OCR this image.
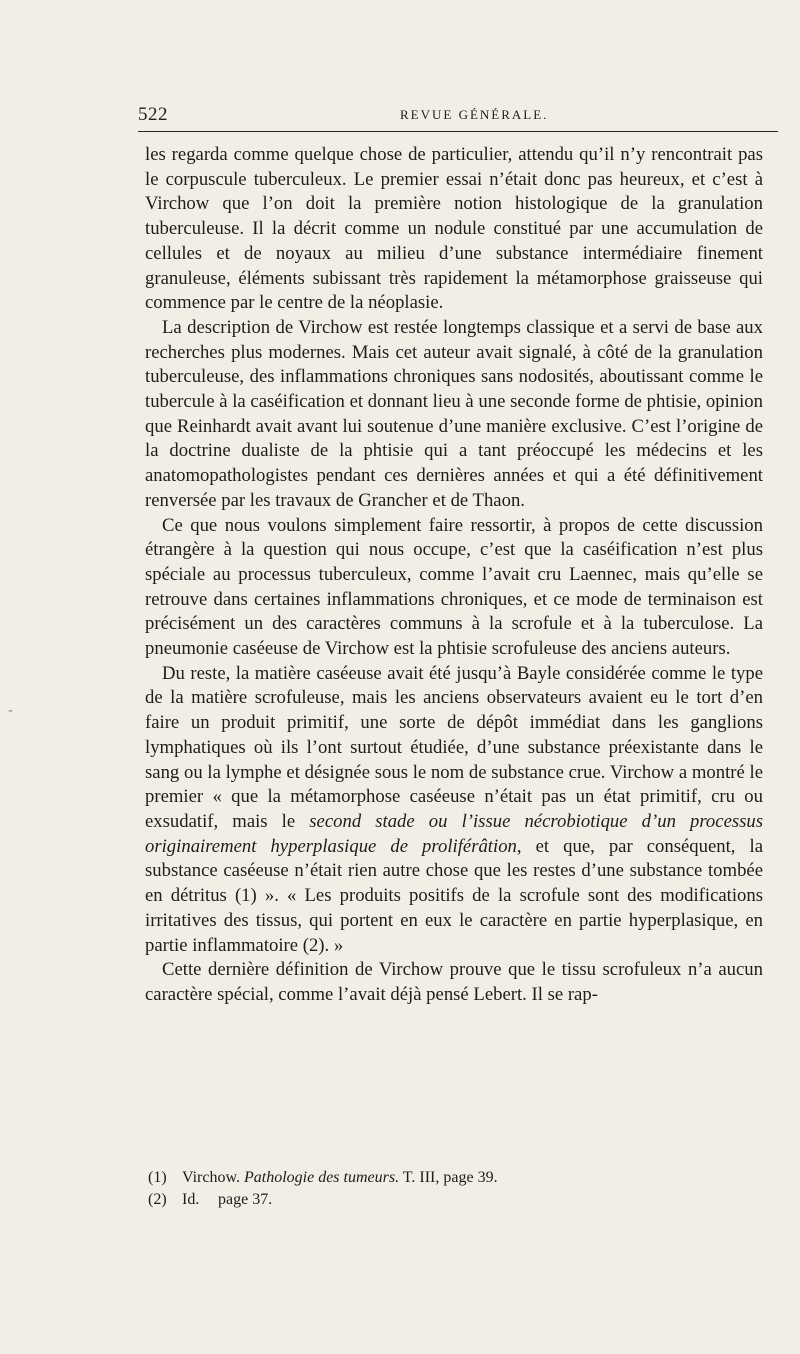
522	REVUE GÉNÉRALE.
-

les regarda comme quelque chose de particulier, attendu qu’il n’y rencontrait pas le corpuscule tuberculeux. Le premier essai n’était donc pas heureux, et c’est à Virchow que l’on doit la première notion histologique de la granulation tuberculeuse. Il la décrit comme un nodule constitué par une accumulation de cellules et de noyaux au milieu d’une substance intermédiaire finement granuleuse, éléments subissant très rapidement la métamorphose graisseuse qui commence par le centre de la néoplasie.

La description de Virchow est restée longtemps classique et a servi de base aux recherches plus modernes. Mais cet auteur avait signalé, à côté de la granulation tuberculeuse, des inflammations chroniques sans nodosités, aboutissant comme le tubercule à la caséification et donnant lieu à une seconde forme de phtisie, opinion que Reinhardt avait avant lui soutenue d’une manière exclusive. C’est l’origine de la doctrine dualiste de la phtisie qui a tant préoccupé les médecins et les anatomopathologistes pendant ces dernières années et qui a été définitivement renversée par les travaux de Grancher et de Thaon.

Ce que nous voulons simplement faire ressortir, à propos de cette discussion étrangère à la question qui nous occupe, c’est que la caséification n’est plus spéciale au processus tuberculeux, comme l’avait cru Laennec, mais qu’elle se retrouve dans certaines inflammations chroniques, et ce mode de terminaison est précisément un des caractères communs à la scrofule et à la tuberculose. La pneumonie caséeuse de Virchow est la phtisie scrofuleuse des anciens auteurs.

Du reste, la matière caséeuse avait été jusqu’à Bayle considérée comme le type de la matière scrofuleuse, mais les anciens observateurs avaient eu le tort d’en faire un produit primitif, une sorte de dépôt immédiat dans les ganglions lymphatiques où ils l’ont surtout étudiée, d’une substance préexistante dans le sang ou la lymphe et désignée sous le nom de substance crue. Virchow a montré le premier « que la métamorphose caséeuse n’était pas un état primitif, cru ou exsudatif, mais le second stade ou l’issue nécrobiotique d’un processus originairement hyperplasique de proliférâtion, et que, par conséquent, la substance caséeuse n’était rien autre chose que les restes d’une substance tombée en détritus (1) ». « Les produits positifs de la scrofule sont des modifications irritatives des tissus, qui portent en eux le caractère en partie hyperplasique, en partie inflammatoire (2). »

Cette dernière définition de Virchow prouve que le tissu scrofuleux n’a aucun caractère spécial, comme l’avait déjà pensé Lebert. Il se rap-

(1) Virchow. Pathologie des tumeurs. T. III, page 39.

(2) Id. page 37.
